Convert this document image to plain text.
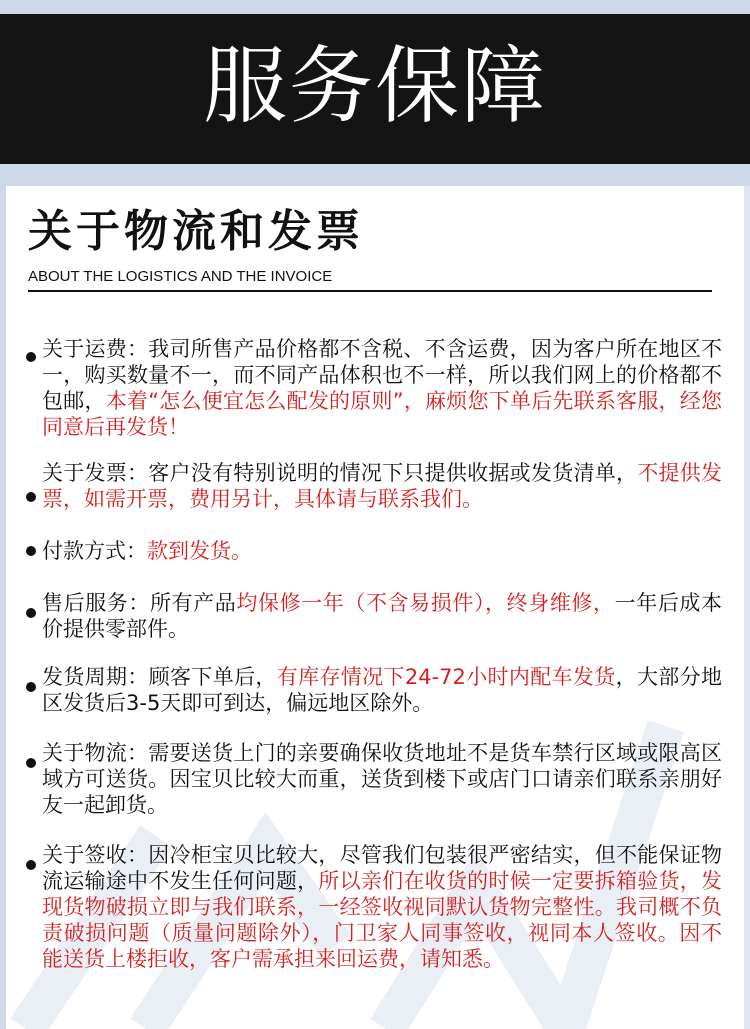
服务保障
关于物流和发票
ABOUT THE LOGISTICS AND THE INVOICE
关于运费：我司所售产品价格都不含税、不含运费，因为客户所在地区不一，购买数量不一，而不同产品体积也不一样，所以我们网上的价格都不包邮，本着“怎么便宜怎么配发的原则”，麻烦您下单后先联系客服，经您同意后再发货！
关于发票：客户没有特别说明的情况下只提供收据或发货清单，不提供发票，如需开票，费用另计，具体请与联系我们。
付款方式：款到发货。
售后服务：所有产品均保修一年（不含易损件），终身维修，一年后成本价提供零部件。
发货周期：顾客下单后，有库存情况下24-72小时内配车发货，大部分地区发货后3-5天即可到达，偏远地区除外。
关于物流：需要送货上门的亲要确保收货地址不是货车禁行区域或限高区域方可送货。因宝贝比较大而重，送货到楼下或店门口请亲们联系亲朋好友一起卸货。
关于签收：因冷柜宝贝比较大，尽管我们包装很严密结实，但不能保证物流运输途中不发生任何问题，所以亲们在收货的时候一定要拆箱验货，发现货物破损立即与我们联系，一经签收视同默认货物完整性。我司概不负责破损问题（质量问题除外），门卫家人同事签收，视同本人签收。因不能送货上楼拒收，客户需承担来回运费，请知悉。
